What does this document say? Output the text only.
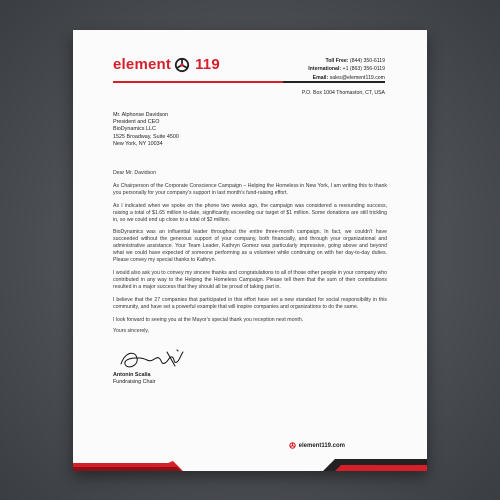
element 119	Toll Free: (844) 350-6119
International: +1 (863) 356-0119
Email: sales@element119.com
P.O. Box 1004 Thomaston, CT, USA
Mr. Alphonse Davidson
President and CEO
BioDynamics LLC
1525 Broadway, Suite 4500
New York, NY 10034

Dear Mr. Davidson

As Chairperson of the Corporate Conscience Campaign – Helping the Homeless in New York, I am writing this to thank you personally for your company's support in last month's fund-raising effort.

As I indicated when we spoke on the phone two weeks ago, the campaign was considered a resounding success, raising a total of $1.65 million to-date, significantly exceeding our target of $1 million. Some donations are still trickling in, so we could end up close to a total of $2 million.

BioDynamics was an influential leader throughout the entire three-month campaign. In fact, we couldn't have succeeded without the generous support of your company, both financially, and through your organizational and administrative assistance. Your Team Leader, Kathryn Gomez was particularly impressive, going above and beyond what we could have expected of someone performing as a volunteer while continuing on with her day-to-day duties. Please convey my special thanks to Kathryn.

I would also ask you to convey my sincere thanks and congratulations to all of those other people in your company who contributed in any way to the Helping the Homeless Campaign. Please tell them that the sum of their contributions resulted in a major success that they should all be proud of taking part in.

I believe that the 27 companies that participated in this effort have set a new standard for social responsibility in this community, and have set a powerful example that will inspire companies and organizations to do the same.

I look forward to seeing you at the Mayor's special thank you reception next month.

Yours sincerely,
Antonin Scalia
Fundraising Chair
element119.com
